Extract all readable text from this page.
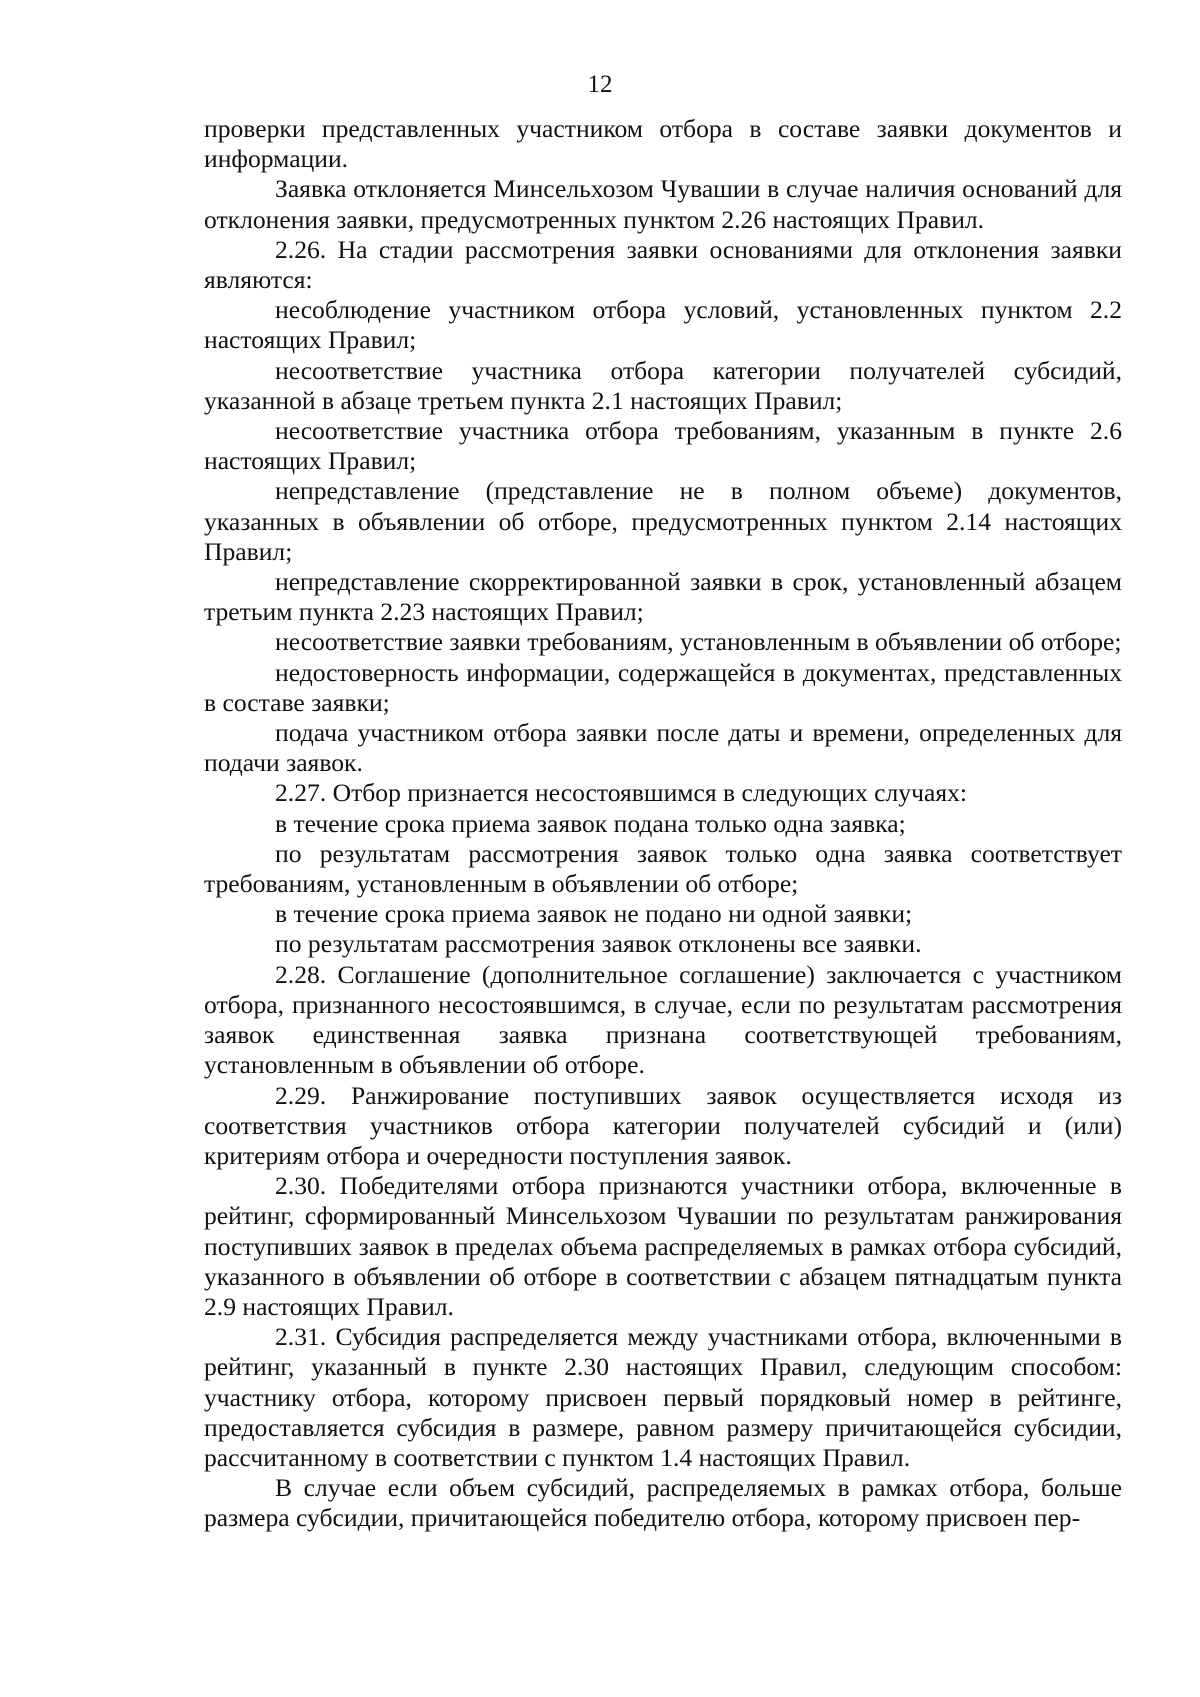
12

проверки представленных участником отбора в составе заявки документов и информации.

Заявка отклоняется Минсельхозом Чувашии в случае наличия оснований для отклонения заявки, предусмотренных пунктом 2.26 настоящих Правил.

2.26. На стадии рассмотрения заявки основаниями для отклонения заявки являются:

несоблюдение участником отбора условий, установленных пунктом 2.2 настоящих Правил;

несоответствие участника отбора категории получателей субсидий, указанной в абзаце третьем пункта 2.1 настоящих Правил;

несоответствие участника отбора требованиям, указанным в пункте 2.6 настоящих Правил;

непредставление (представление не в полном объеме) документов, указанных в объявлении об отборе, предусмотренных пунктом 2.14 настоящих Правил;

непредставление скорректированной заявки в срок, установленный абзацем третьим пункта 2.23 настоящих Правил;

несоответствие заявки требованиям, установленным в объявлении об отборе;

недостоверность информации, содержащейся в документах, представленных в составе заявки;

подача участником отбора заявки после даты и времени, определенных для подачи заявок.

2.27. Отбор признается несостоявшимся в следующих случаях:

в течение срока приема заявок подана только одна заявка;

по результатам рассмотрения заявок только одна заявка соответствует требованиям, установленным в объявлении об отборе;

в течение срока приема заявок не подано ни одной заявки;

по результатам рассмотрения заявок отклонены все заявки.

2.28. Соглашение (дополнительное соглашение) заключается с участником отбора, признанного несостоявшимся, в случае, если по результатам рассмотрения заявок единственная заявка признана соответствующей требованиям, установленным в объявлении об отборе.

2.29. Ранжирование поступивших заявок осуществляется исходя из соответствия участников отбора категории получателей субсидий и (или) критериям отбора и очередности поступления заявок.

2.30. Победителями отбора признаются участники отбора, включенные в рейтинг, сформированный Минсельхозом Чувашии по результатам ранжирования поступивших заявок в пределах объема распределяемых в рамках отбора субсидий, указанного в объявлении об отборе в соответствии с абзацем пятнадцатым пункта 2.9 настоящих Правил.

2.31. Субсидия распределяется между участниками отбора, включенными в рейтинг, указанный в пункте 2.30 настоящих Правил, следующим способом: участнику отбора, которому присвоен первый порядковый номер в рейтинге, предоставляется субсидия в размере, равном размеру причитающейся субсидии, рассчитанному в соответствии с пунктом 1.4 настоящих Правил.

В случае если объем субсидий, распределяемых в рамках отбора, больше размера субсидии, причитающейся победителю отбора, которому присвоен пер-
